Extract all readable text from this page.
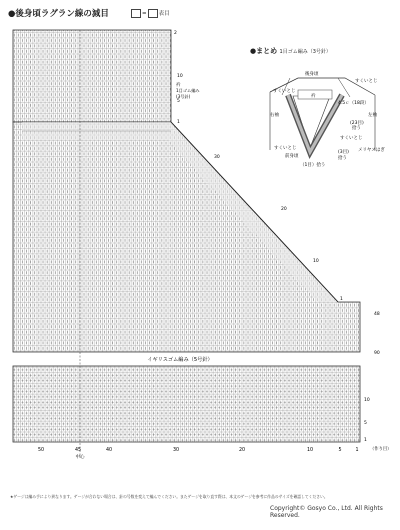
●後身頃ラグラン線の減目	= 表目
イギリスゴム編み（5号針）
2
10
5
1
衿
1目ゴム編み
(3号針)
30
20
10
1
48
90
10
5
1
（作り目）
50	45	40	30	20	10	5	1
中心
後身頃
衿
すくいとじ
すくいとじ
4.5ｃ（18段）
右袖	左袖
(23目)
拾う
すくいとじ
すくいとじ
前身頃
(3目)
拾う
メリヤスはぎ
（1目）拾う
●まとめ 1目ゴム編み（3号針）
★ゲージは編み手により異なります。ゲージが合わない場合は、針の号数を変えて編んでください。またゲージを取り直す際は、本文のゲージを参考に作品のサイズを確認してください。
Copyright© Gosyo Co., Ltd. All Rights Reserved.
